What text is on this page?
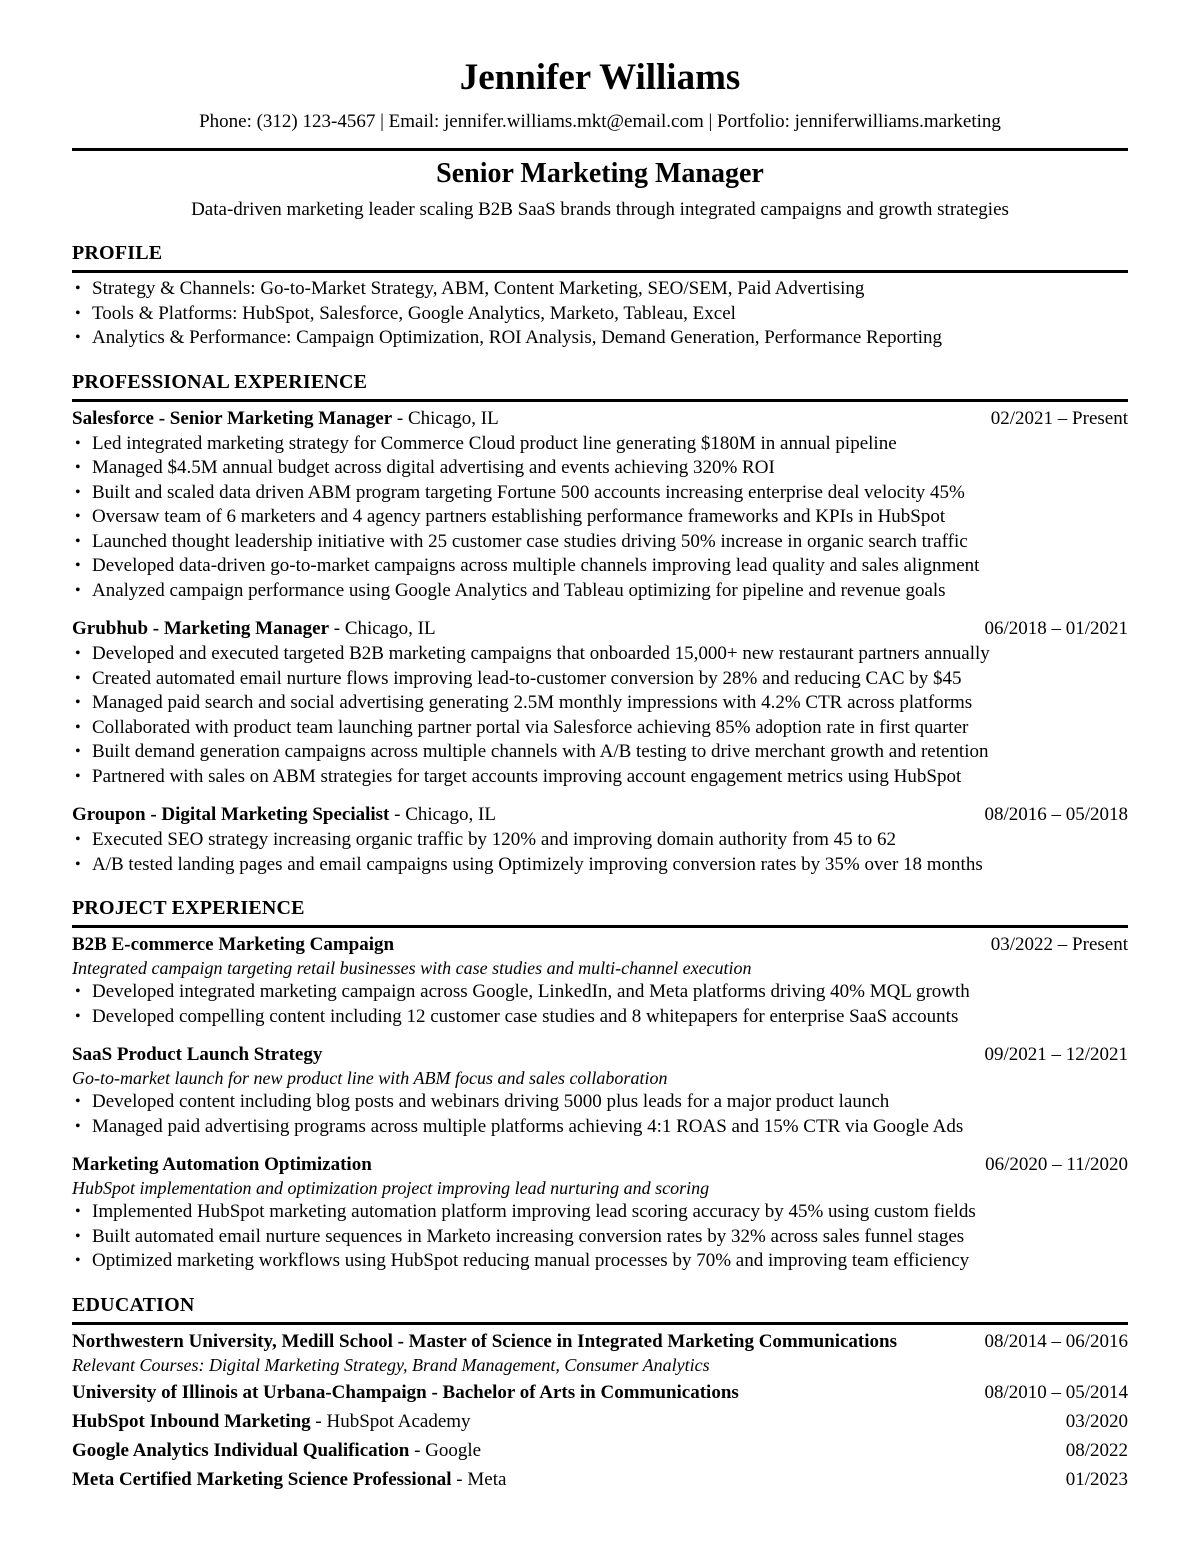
Jennifer Williams
Phone: (312) 123-4567 | Email: jennifer.williams.mkt@email.com | Portfolio: jenniferwilliams.marketing
Senior Marketing Manager
Data-driven marketing leader scaling B2B SaaS brands through integrated campaigns and growth strategies
PROFILE
• Strategy & Channels: Go-to-Market Strategy, ABM, Content Marketing, SEO/SEM, Paid Advertising
• Tools & Platforms: HubSpot, Salesforce, Google Analytics, Marketo, Tableau, Excel
• Analytics & Performance: Campaign Optimization, ROI Analysis, Demand Generation, Performance Reporting
PROFESSIONAL EXPERIENCE
Salesforce - Senior Marketing Manager - Chicago, IL	02/2021 – Present
• Led integrated marketing strategy for Commerce Cloud product line generating $180M in annual pipeline
• Managed $4.5M annual budget across digital advertising and events achieving 320% ROI
• Built and scaled data driven ABM program targeting Fortune 500 accounts increasing enterprise deal velocity 45%
• Oversaw team of 6 marketers and 4 agency partners establishing performance frameworks and KPIs in HubSpot
• Launched thought leadership initiative with 25 customer case studies driving 50% increase in organic search traffic
• Developed data-driven go-to-market campaigns across multiple channels improving lead quality and sales alignment
• Analyzed campaign performance using Google Analytics and Tableau optimizing for pipeline and revenue goals
Grubhub - Marketing Manager - Chicago, IL	06/2018 – 01/2021
• Developed and executed targeted B2B marketing campaigns that onboarded 15,000+ new restaurant partners annually
• Created automated email nurture flows improving lead-to-customer conversion by 28% and reducing CAC by $45
• Managed paid search and social advertising generating 2.5M monthly impressions with 4.2% CTR across platforms
• Collaborated with product team launching partner portal via Salesforce achieving 85% adoption rate in first quarter
• Built demand generation campaigns across multiple channels with A/B testing to drive merchant growth and retention
• Partnered with sales on ABM strategies for target accounts improving account engagement metrics using HubSpot
Groupon - Digital Marketing Specialist - Chicago, IL	08/2016 – 05/2018
• Executed SEO strategy increasing organic traffic by 120% and improving domain authority from 45 to 62
• A/B tested landing pages and email campaigns using Optimizely improving conversion rates by 35% over 18 months
PROJECT EXPERIENCE
B2B E-commerce Marketing Campaign	03/2022 – Present
Integrated campaign targeting retail businesses with case studies and multi-channel execution
• Developed integrated marketing campaign across Google, LinkedIn, and Meta platforms driving 40% MQL growth
• Developed compelling content including 12 customer case studies and 8 whitepapers for enterprise SaaS accounts
SaaS Product Launch Strategy	09/2021 – 12/2021
Go-to-market launch for new product line with ABM focus and sales collaboration
• Developed content including blog posts and webinars driving 5000 plus leads for a major product launch
• Managed paid advertising programs across multiple platforms achieving 4:1 ROAS and 15% CTR via Google Ads
Marketing Automation Optimization	06/2020 – 11/2020
HubSpot implementation and optimization project improving lead nurturing and scoring
• Implemented HubSpot marketing automation platform improving lead scoring accuracy by 45% using custom fields
• Built automated email nurture sequences in Marketo increasing conversion rates by 32% across sales funnel stages
• Optimized marketing workflows using HubSpot reducing manual processes by 70% and improving team efficiency
EDUCATION
Northwestern University, Medill School - Master of Science in Integrated Marketing Communications	08/2014 – 06/2016
Relevant Courses: Digital Marketing Strategy, Brand Management, Consumer Analytics
University of Illinois at Urbana-Champaign - Bachelor of Arts in Communications	08/2010 – 05/2014
HubSpot Inbound Marketing - HubSpot Academy	03/2020
Google Analytics Individual Qualification - Google	08/2022
Meta Certified Marketing Science Professional - Meta	01/2023
